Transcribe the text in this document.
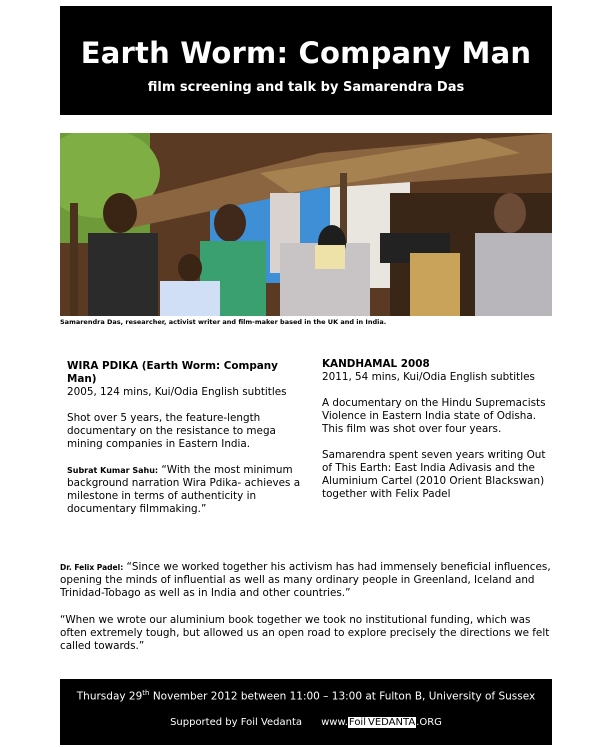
Earth Worm: Company Man
film screening and talk by Samarendra Das
Samarendra Das, researcher, activist writer and film-maker based in the UK and in India.

WIRA PDIKA (Earth Worm: Company Man)

2005, 124 mins, Kui/Odia English subtitles

Shot over 5 years, the feature-length documentary on the resistance to mega mining companies in Eastern India.

Subrat Kumar Sahu: “With the most minimum background narration Wira Pdika- achieves a milestone in terms of authenticity in documentary filmmaking.”

KANDHAMAL 2008

2011, 54 mins, Kui/Odia English subtitles

A documentary on the Hindu Supremacists Violence in Eastern India state of Odisha. This film was shot over four years.

Samarendra spent seven years writing Out of This Earth: East India Adivasis and the Aluminium Cartel (2010 Orient Blackswan) together with Felix Padel

Dr. Felix Padel: “Since we worked together his activism has had immensely beneficial influences, opening the minds of influential as well as many ordinary people in Greenland, Iceland and Trinidad-Tobago as well as in India and other countries.”

“When we wrote our aluminium book together we took no institutional funding, which was often extremely tough, but allowed us an open road to explore precisely the directions we felt called towards.”

Thursday 29th November 2012 between 11:00 – 13:00 at Fulton B, University of Sussex
Supported by Foil Vedanta www.Foil VEDANTA.ORG
